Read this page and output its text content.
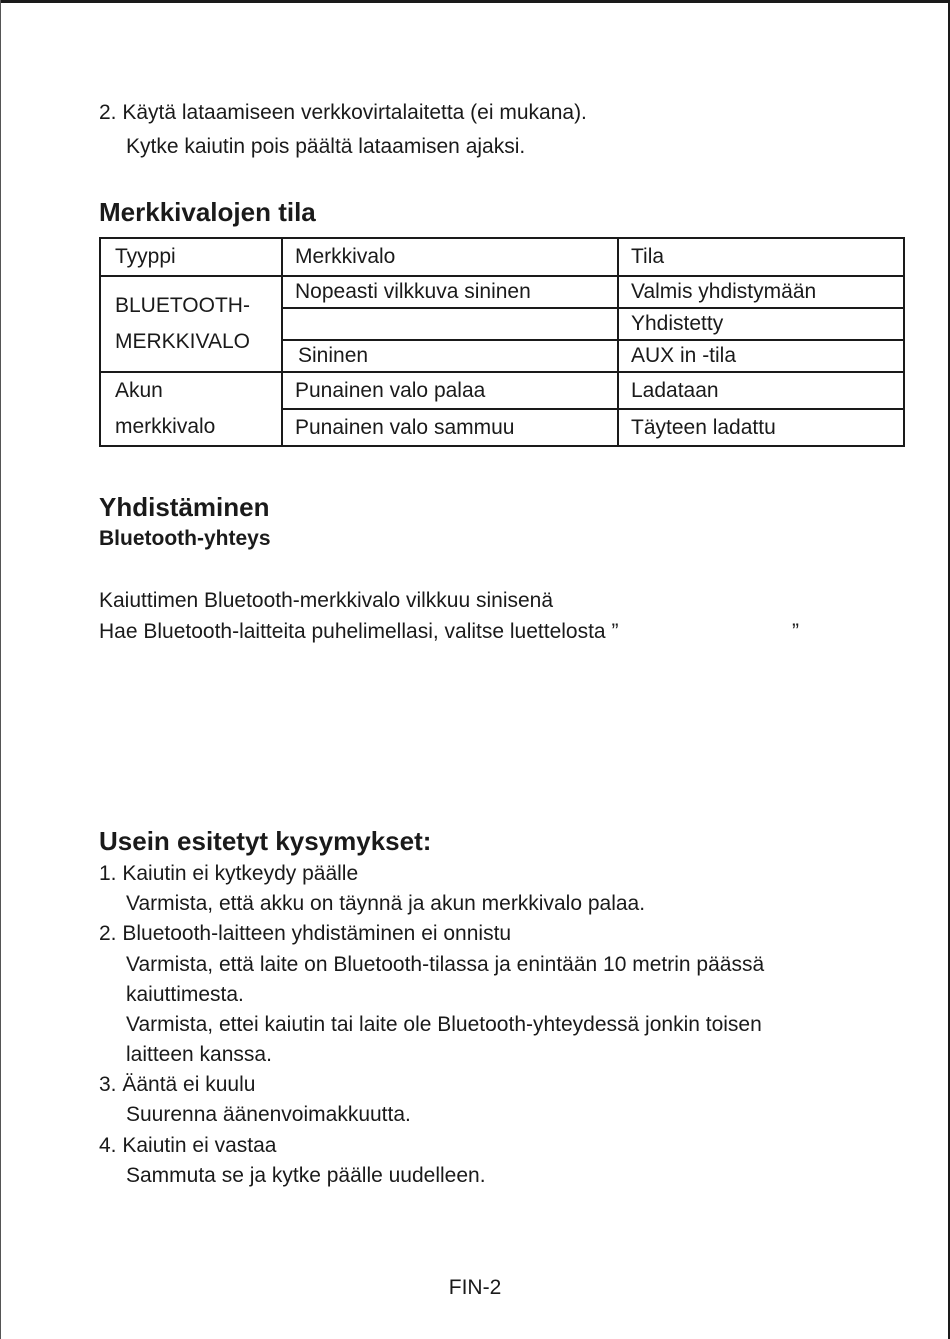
2. Käytä lataamiseen verkkovirtalaitetta (ei mukana).
Kytke kaiutin pois päältä lataamisen ajaksi.
Merkkivalojen tila
Tyyppi	Merkkivalo	Tila

BLUETOOTH-
MERKKIVALO	Nopeasti vilkkuva sininen	Valmis yhdistymään
		Yhdistetty
	Sininen	AUX in -tila

Akun
merkkivalo	Punainen valo palaa	Ladataan
	Punainen valo sammuu	Täyteen ladattu
Yhdistäminen
Bluetooth-yhteys
Kaiuttimen Bluetooth-merkkivalo vilkkuu sinisenä
Hae Bluetooth-laitteita puhelimellasi, valitse luettelosta ”	”
Usein esitetyt kysymykset:
1. Kaiutin ei kytkeydy päälle
Varmista, että akku on täynnä ja akun merkkivalo palaa.
2. Bluetooth-laitteen yhdistäminen ei onnistu
Varmista, että laite on Bluetooth-tilassa ja enintään 10 metrin päässä
kaiuttimesta.
Varmista, ettei kaiutin tai laite ole Bluetooth-yhteydessä jonkin toisen
laitteen kanssa.
3. Ääntä ei kuulu
Suurenna äänenvoimakkuutta.
4. Kaiutin ei vastaa
Sammuta se ja kytke päälle uudelleen.
FIN-2
